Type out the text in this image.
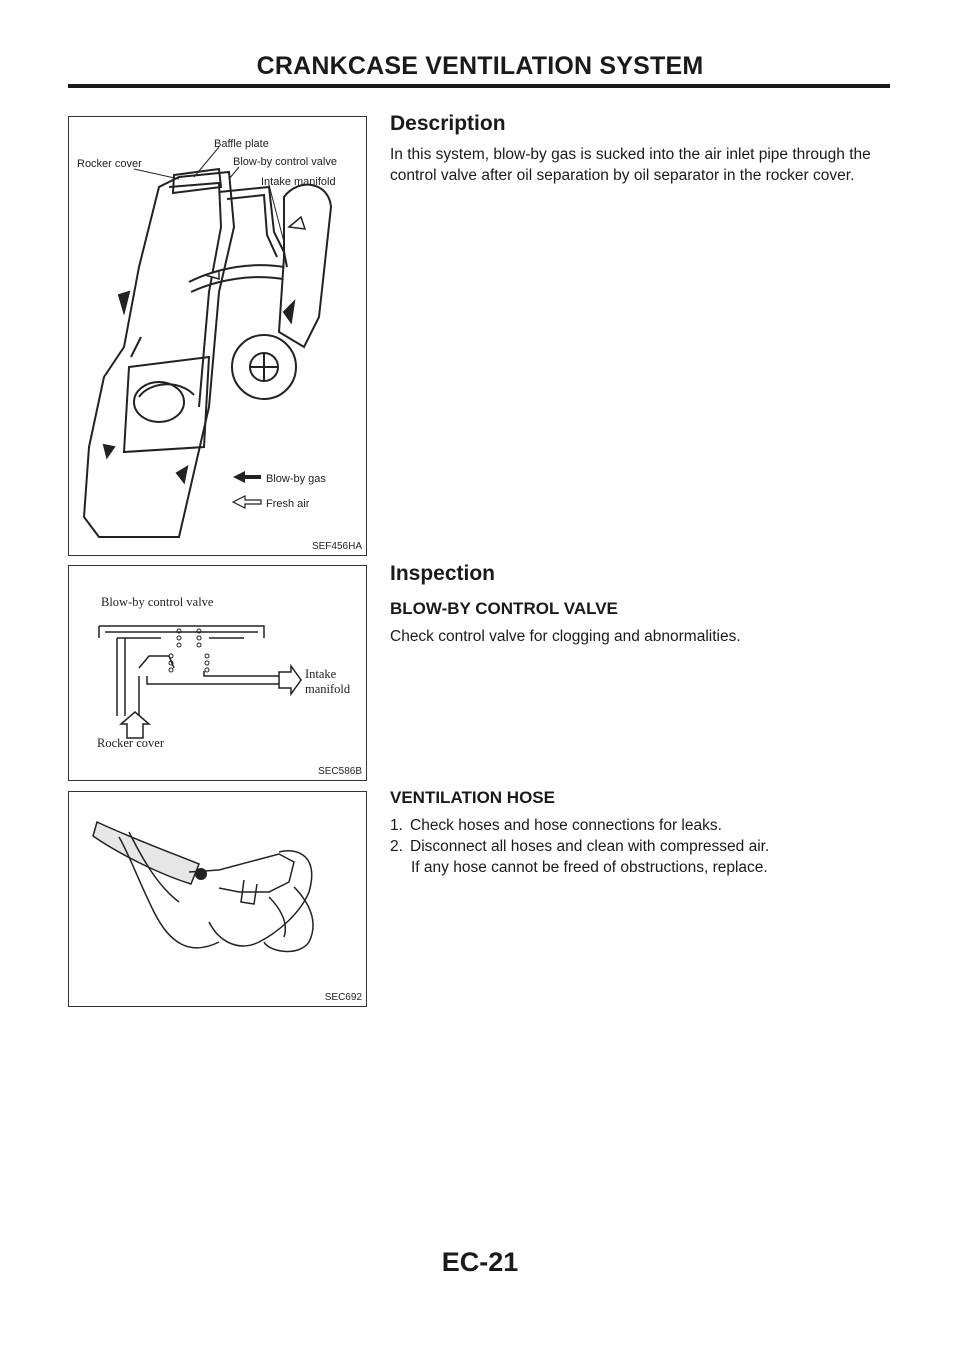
CRANKCASE VENTILATION SYSTEM
Baffle plate
Rocker cover	Blow-by control valve
Intake manifold
Blow-by gas
Fresh air
SEF456HA
Description

In this system, blow-by gas is sucked into the air inlet pipe through the control valve after oil separation by oil separator in the rocker cover.

Blow-by control valve
Intake
manifold
Rocker cover
SEC586B
Inspection
BLOW-BY CONTROL VALVE

Check control valve for clogging and abnormalities.

SEC692
VENTILATION HOSE
1. Check hoses and hose connections for leaks.
2. Disconnect all hoses and clean with compressed air.
If any hose cannot be freed of obstructions, replace.
EC-21
